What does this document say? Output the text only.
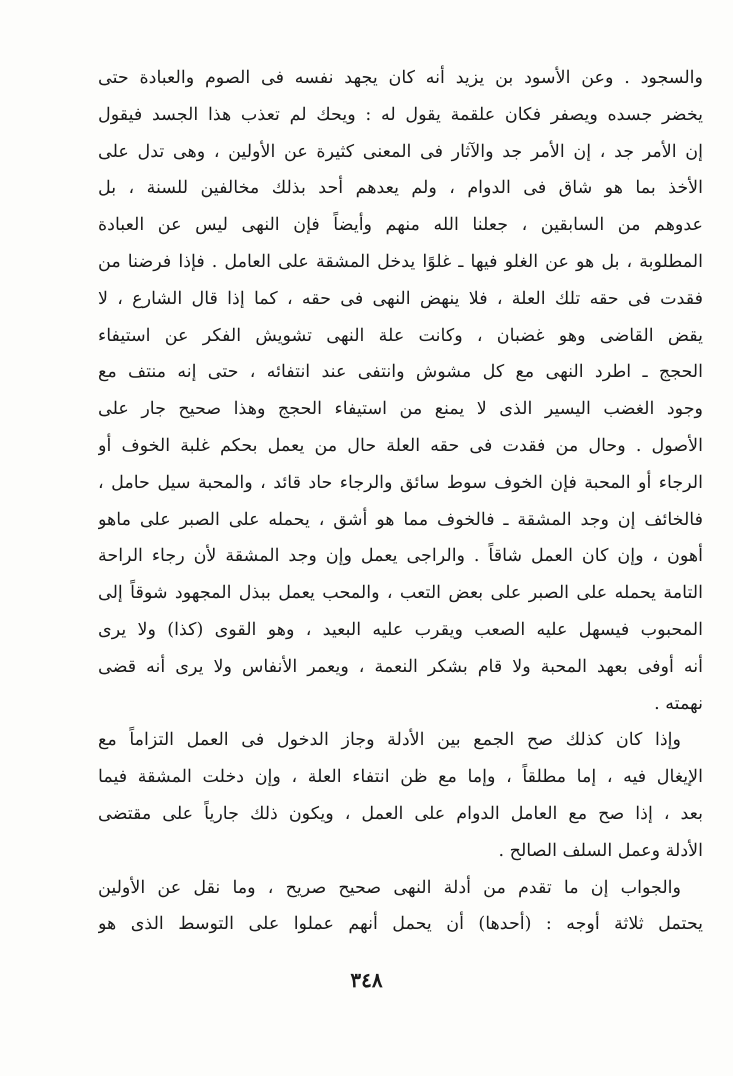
والسجود . وعن الأسود بن يزيد أنه كان يجهد نفسه فى الصوم والعبادة حتى
يخضر جسده ويصفر فكان علقمة يقول له : ويحك لم تعذب هذا الجسد فيقول
إن الأمر جد ، إن الأمر جد والآثار فى المعنى كثيرة عن الأولين ، وهى تدل على
الأخذ بما هو شاق فى الدوام ، ولم يعدهم أحد بذلك مخالفين للسنة ، بل
عدوهم من السابقين ، جعلنا الله منهم وأيضاً فإن النهى ليس عن العبادة
المطلوبة ، بل هو عن الغلو فيها ـ غلوًا يدخل المشقة على العامل . فإذا فرضنا من
فقدت فى حقه تلك العلة ، فلا ينهض النهى فى حقه ، كما إذا قال الشارع ، لا
يقض القاضى وهو غضبان ، وكانت علة النهى تشويش الفكر عن استيفاء
الحجج ـ اطرد النهى مع كل مشوش وانتفى عند انتفائه ، حتى إنه منتف مع
وجود الغضب اليسير الذى لا يمنع من استيفاء الحجج وهذا صحيح جار على
الأصول . وحال من فقدت فى حقه العلة حال من يعمل بحكم غلبة الخوف أو
الرجاء أو المحبة فإن الخوف سوط سائق والرجاء حاد قائد ، والمحبة سيل حامل ،
فالخائف إن وجد المشقة ـ فالخوف مما هو أشق ، يحمله على الصبر على ماهو
أهون ، وإن كان العمل شاقاً . والراجى يعمل وإن وجد المشقة لأن رجاء الراحة
التامة يحمله على الصبر على بعض التعب ، والمحب يعمل ببذل المجهود شوقاً إلى
المحبوب فيسهل عليه الصعب ويقرب عليه البعيد ، وهو القوى (كذا) ولا يرى
أنه أوفى بعهد المحبة ولا قام بشكر النعمة ، ويعمر الأنفاس ولا يرى أنه قضى
نهمته .
وإذا كان كذلك صح الجمع بين الأدلة وجاز الدخول فى العمل التزاماً مع
الإيغال فيه ، إما مطلقاً ، وإما مع ظن انتفاء العلة ، وإن دخلت المشقة فيما
بعد ، إذا صح مع العامل الدوام على العمل ، ويكون ذلك جارياً على مقتضى
الأدلة وعمل السلف الصالح .
والجواب إن ما تقدم من أدلة النهى صحيح صريح ، وما نقل عن الأولين
يحتمل ثلاثة أوجه : (أحدها) أن يحمل أنهم عملوا على التوسط الذى هو
٣٤٨
